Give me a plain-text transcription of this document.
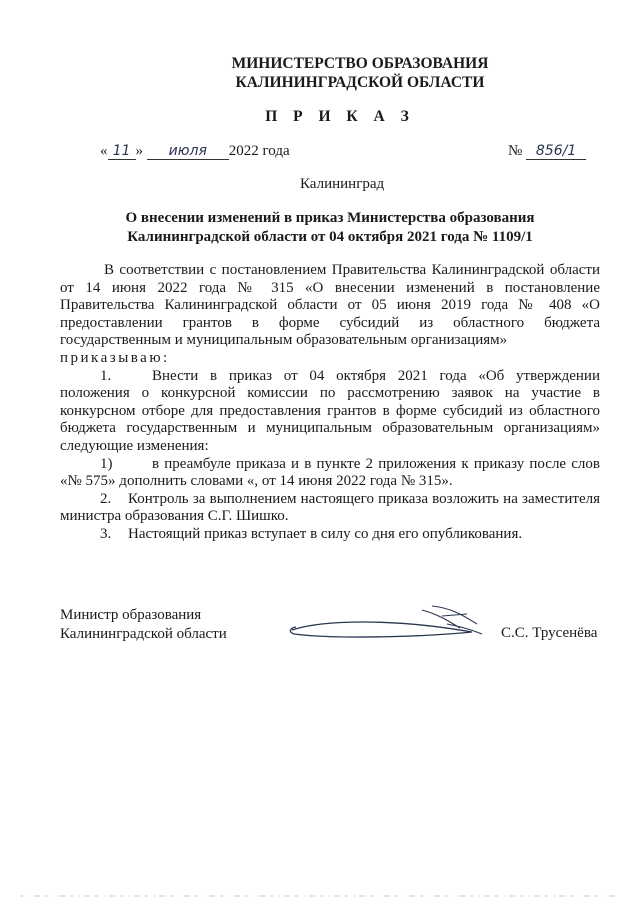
МИНИСТЕРСТВО ОБРАЗОВАНИЯ
КАЛИНИНГРАДСКОЙ ОБЛАСТИ
П Р И К А З
« 11 » июля 2022 года	№ 856/1
Калининград
О внесении изменений в приказ Министерства образования
Калининградской области от 04 октября 2021 года № 1109/1

В соответствии с постановлением Правительства Калининградской области от 14 июня 2022 года № 315 «О внесении изменений в постановление Правительства Калининградской области от 05 июня 2019 года № 408 «О предоставлении грантов в форме субсидий из областного бюджета государственным и муниципальным образовательным организациям»

приказываю:

1.	Внести в приказ от 04 октября 2021 года «Об утверждении положения о конкурсной комиссии по рассмотрению заявок на участие в конкурсном отборе для предоставления грантов в форме субсидий из областного бюджета государственным и муниципальным образовательным организациям» следующие изменения:

1)	в преамбуле приказа и в пункте 2 приложения к приказу после слов «№ 575» дополнить словами «, от 14 июня 2022 года № 315».

2. Контроль за выполнением настоящего приказа возложить на заместителя министра образования С.Г. Шишко.

3. Настоящий приказ вступает в силу со дня его опубликования.

Министр образования
Калининградской области	С.С. Трусенёва
